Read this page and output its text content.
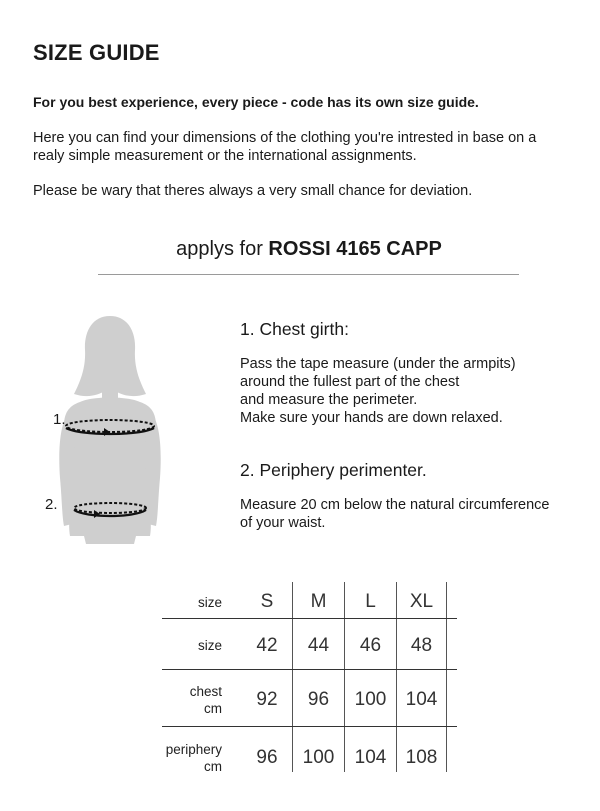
SIZE GUIDE
For you best experience, every piece - code has its own size guide.
Here you can find your dimensions of the clothing you're intrested in base on a
realy simple measurement or the international assignments.
Please be wary that theres always a very small chance for deviation.
applys for ROSSI 4165 CAPP
1.
2.
1. Chest girth:
Pass the tape measure (under the armpits)
around the fullest part of the chest
and measure the perimeter.
Make sure your hands are down relaxed.
2. Periphery perimenter.
Measure 20 cm below the natural circumference
of your waist.
size	S	M	L	XL
size	42	44	46	48
chest
cm	92	96	100	104
periphery
cm	96	100	104	108
